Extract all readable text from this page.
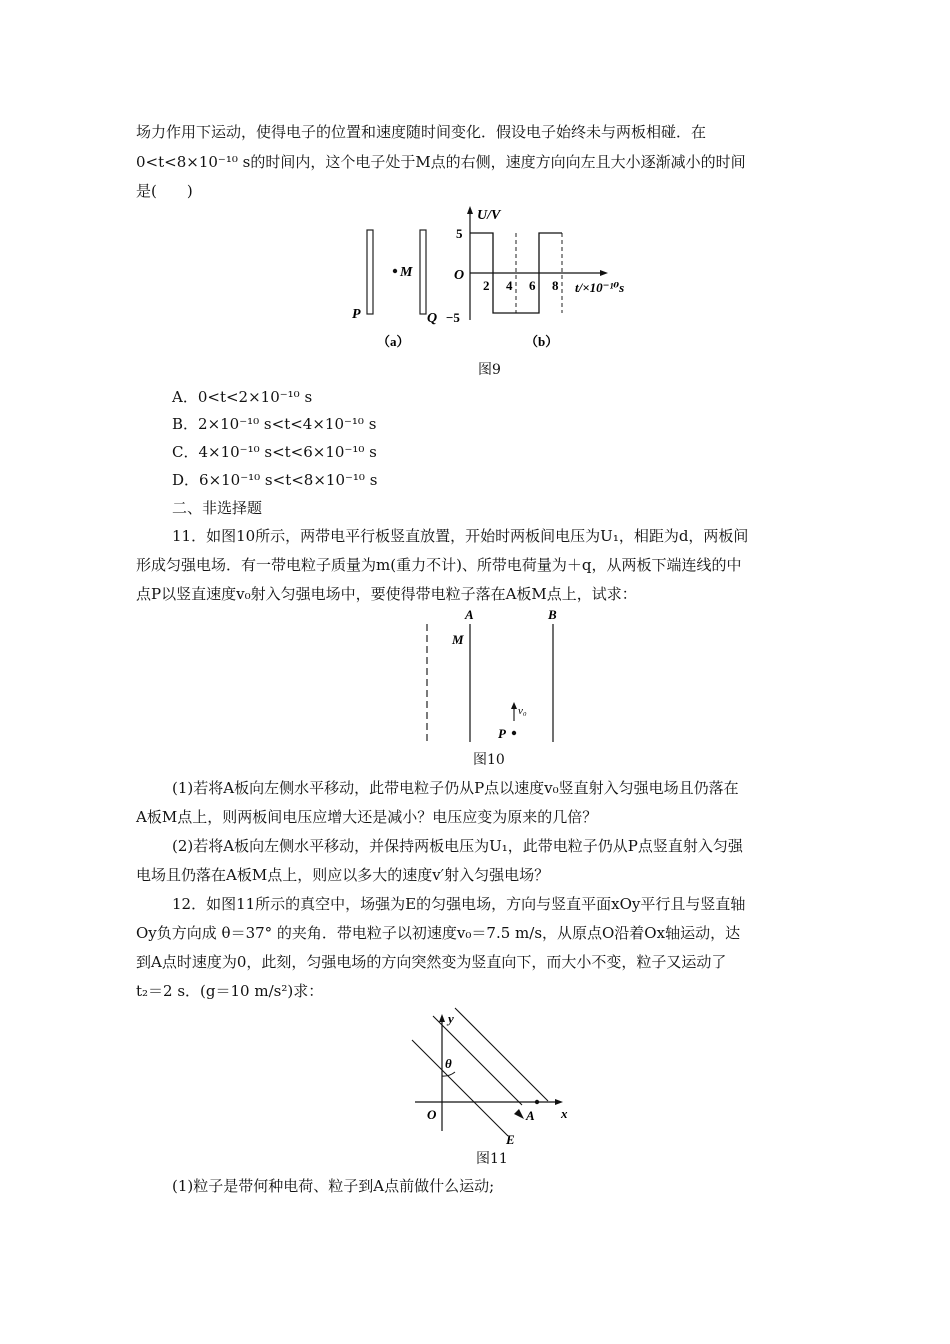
场力作用下运动，使得电子的位置和速度随时间变化．假设电子始终未与两板相碰．在
0<t<8×10⁻¹⁰ s的时间内，这个电子处于M点的右侧，速度方向向左且大小逐渐减小的时间
是(　　)
M
P	Q
（a）
U/V
t/×10⁻¹⁰s
O
5
−5
2 4 6 8
（b）
图9
A．0<t<2×10⁻¹⁰ s
B．2×10⁻¹⁰ s<t<4×10⁻¹⁰ s
C．4×10⁻¹⁰ s<t<6×10⁻¹⁰ s
D．6×10⁻¹⁰ s<t<8×10⁻¹⁰ s
二、非选择题
11．如图10所示，两带电平行板竖直放置，开始时两板间电压为U₁，相距为d，两板间
形成匀强电场．有一带电粒子质量为m(重力不计)、所带电荷量为＋q，从两板下端连线的中
点P以竖直速度v₀射入匀强电场中，要使得带电粒子落在A板M点上，试求：
A	B
M
v₀
P
图10
(1)若将A板向左侧水平移动，此带电粒子仍从P点以速度v₀竖直射入匀强电场且仍落在
A板M点上，则两板间电压应增大还是减小？电压应变为原来的几倍？
(2)若将A板向左侧水平移动，并保持两板电压为U₁，此带电粒子仍从P点竖直射入匀强
电场且仍落在A板M点上，则应以多大的速度v′射入匀强电场？
12．如图11所示的真空中，场强为E的匀强电场，方向与竖直平面xOy平行且与竖直轴
Oy负方向成 θ＝37° 的夹角．带电粒子以初速度v₀＝7.5 m/s，从原点O沿着Ox轴运动，达
到A点时速度为0，此刻，匀强电场的方向突然变为竖直向下，而大小不变，粒子又运动了
t₂＝2 s．(g＝10 m/s²)求：
y
x
O
θ
A
E
图11
(1)粒子是带何种电荷、粒子到A点前做什么运动;
